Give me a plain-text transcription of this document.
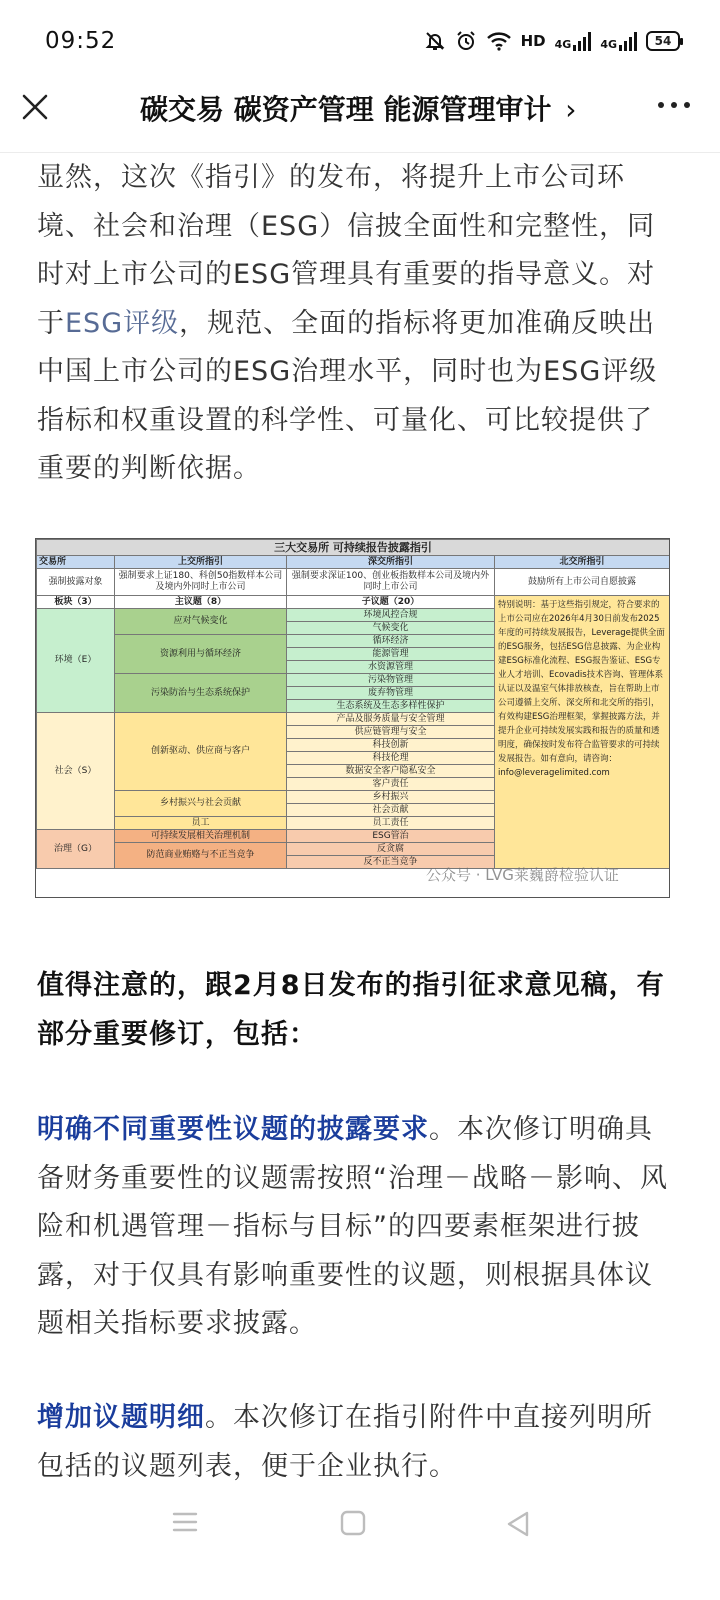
09:52	HD 4G	4G	54
碳交易 碳资产管理 能源管理审计 ›

显然，这次《指引》的发布，将提升上市公司环境、社会和治理（ESG）信披全面性和完整性，同时对上市公司的ESG管理具有重要的指导意义。对于ESG评级，规范、全面的指标将更加准确反映出中国上市公司的ESG治理水平，同时也为ESG评级指标和权重设置的科学性、可量化、可比较提供了重要的判断依据。

三大交易所 可持续报告披露指引			
交易所	上交所指引	深交所指引	北交所指引
强制披露对象	强制要求上证180、科创50指数样本公司及境内外同时上市公司	强制要求深证100、创业板指数样本公司及境内外同时上市公司	鼓励所有上市公司自愿披露
板块（3）	主议题（8）	子议题（20）	特别说明：基于这些指引规定，符合要求的上市公司应在2026年4月30日前发布2025年度的可持续发展报告，Leverage提供全面的ESG服务，包括ESG信息披露、为企业构建ESG标准化流程、ESG报告鉴证、ESG专业人才培训、Ecovadis技术咨询、管理体系认证以及温室气体排放核查，旨在帮助上市公司遵循上交所、深交所和北交所的指引，有效构建ESG治理框架，掌握披露方法，并提升企业可持续发展实践和报告的质量和透明度，确保按时发布符合监管要求的可持续发展报告。如有意向，请咨询：info@leveragelimited.com
环境（E）	应对气候变化	环境风控合规	
		气候变化	
	资源利用与循环经济	循环经济	
		能源管理	
		水资源管理	
	污染防治与生态系统保护	污染物管理	
		废弃物管理	
		生态系统及生态多样性保护	
社会（S）	创新驱动、供应商与客户	产品及服务质量与安全管理	
		供应链管理与安全	
		科技创新	
		科技伦理	
		数据安全客户隐私安全	
		客户责任	
	乡村振兴与社会贡献	乡村振兴	
		社会贡献	
	员工	员工责任	
治理（G）	可持续发展相关治理机制	ESG管治	
	防范商业贿赂与不正当竞争	反贪腐	
		反不正当竞争	
公众号 · LVG莱巍爵检验认证

值得注意的，跟2月8日发布的指引征求意见稿，有部分重要修订，包括：

明确不同重要性议题的披露要求。本次修订明确具备财务重要性的议题需按照“治理－战略－影响、风险和机遇管理－指标与目标”的四要素框架进行披露，对于仅具有影响重要性的议题，则根据具体议题相关指标要求披露。

增加议题明细。本次修订在指引附件中直接列明所包括的议题列表，便于企业执行。
